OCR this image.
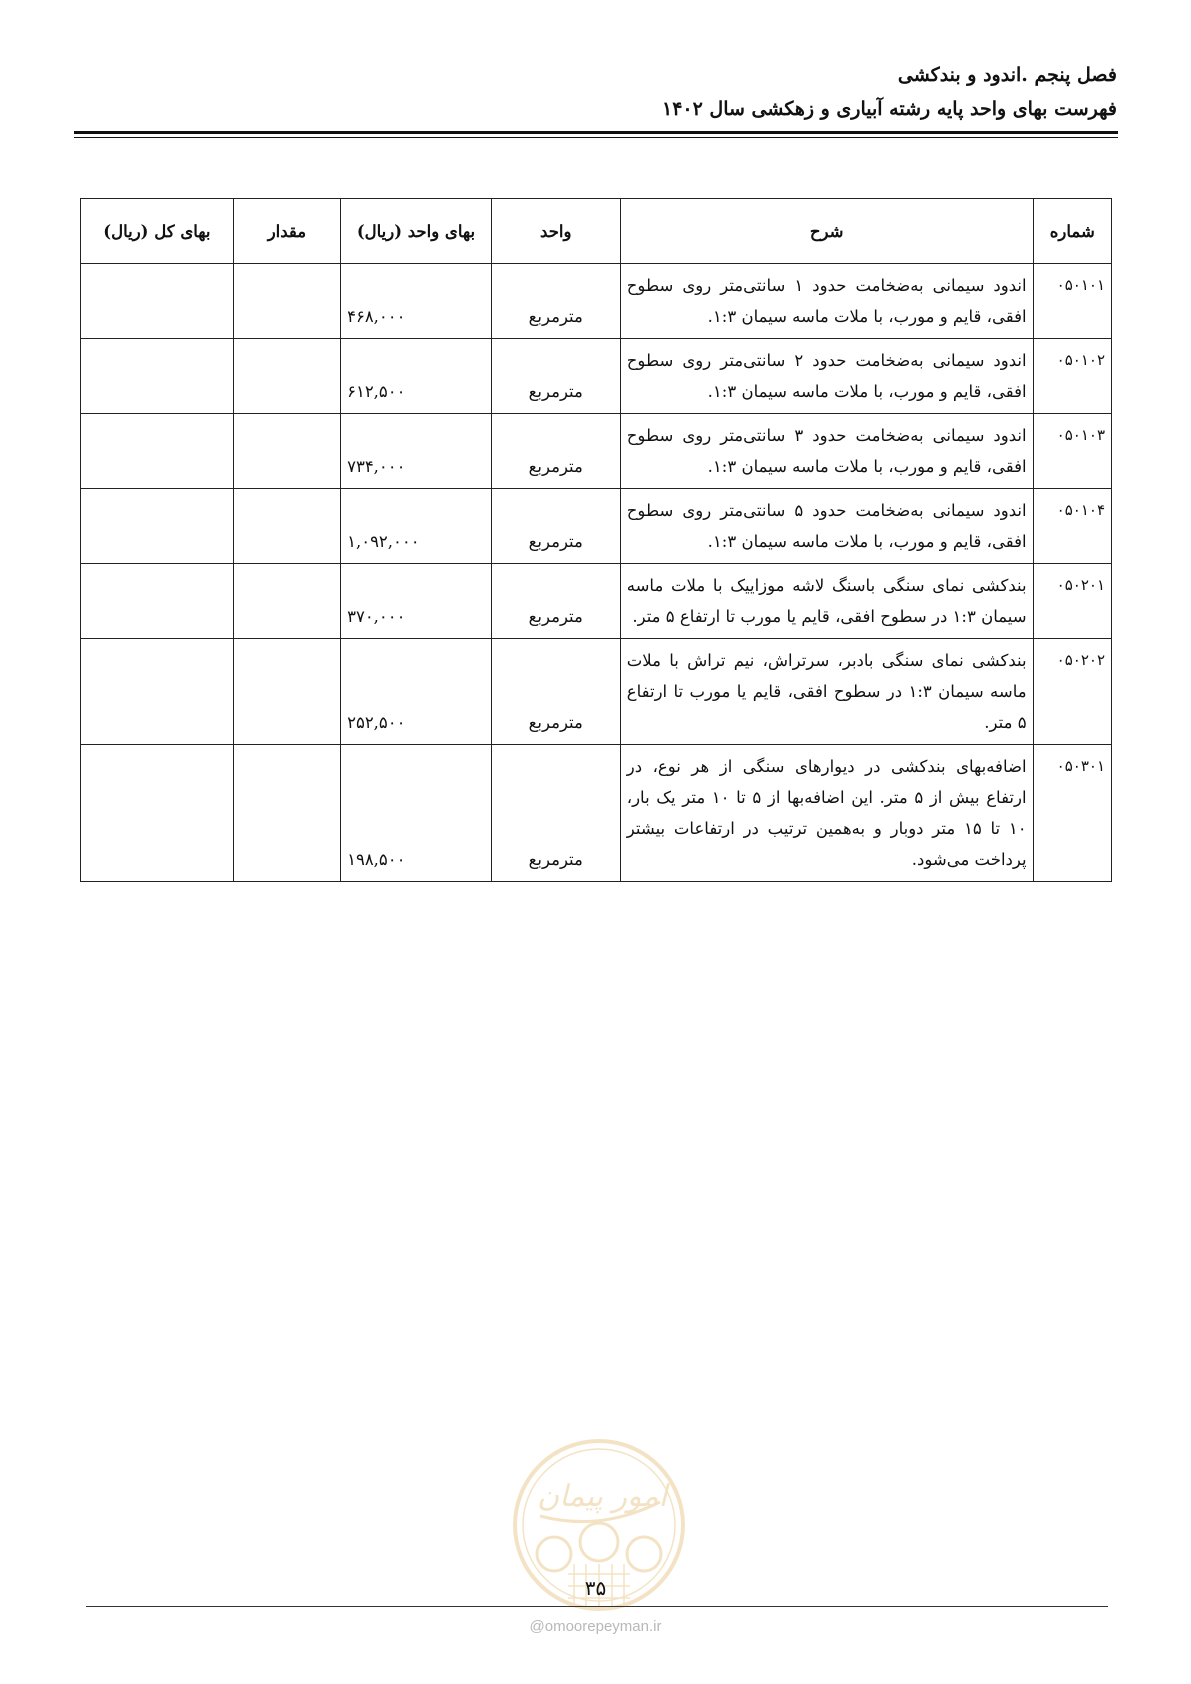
فصل پنجم .اندود و بندکشی
فهرست بهای واحد پایه رشته آبیاری و زهکشی سال ۱۴۰۲
شماره	شرح	واحد	بهای واحد (ریال)	مقدار	بهای کل (ریال)
۰۵۰۱۰۱	اندود سیمانی به‌ضخامت حدود ۱ سانتی‌متر روی سطوح افقی، قایم و مورب، با ملات ماسه سیمان ۱:۳.	مترمربع	۴۶۸,۰۰۰		
۰۵۰۱۰۲	اندود سیمانی به‌ضخامت حدود ۲ سانتی‌متر روی سطوح افقی، قایم و مورب، با ملات ماسه سیمان ۱:۳.	مترمربع	۶۱۲,۵۰۰		
۰۵۰۱۰۳	اندود سیمانی به‌ضخامت حدود ۳ سانتی‌متر روی سطوح افقی، قایم و مورب، با ملات ماسه سیمان ۱:۳.	مترمربع	۷۳۴,۰۰۰		
۰۵۰۱۰۴	اندود سیمانی به‌ضخامت حدود ۵ سانتی‌متر روی سطوح افقی، قایم و مورب، با ملات ماسه سیمان ۱:۳.	مترمربع	۱,۰۹۲,۰۰۰		
۰۵۰۲۰۱	بندکشی نمای سنگی باسنگ لاشه موزاییک با ملات ماسه سیمان ۱:۳ در سطوح افقی، قایم یا مورب تا ارتفاع ۵ متر.	مترمربع	۳۷۰,۰۰۰		
۰۵۰۲۰۲	بندکشی نمای سنگی بادبر، سرتراش، نیم تراش با ملات ماسه سیمان ۱:۳ در سطوح افقی، قایم یا مورب تا ارتفاع ۵ متر.	مترمربع	۲۵۲,۵۰۰		
۰۵۰۳۰۱	اضافه‌بهای بندکشی در دیوارهای سنگی از هر نوع، در ارتفاع بیش از ۵ متر. این اضافه‌بها از ۵ تا ۱۰ متر یک بار، ۱۰ تا ۱۵ متر دوبار و به‌همین ترتیب در ارتفاعات بیشتر پرداخت می‌شود.	مترمربع	۱۹۸,۵۰۰		
امور پیمان
۳۵
@omoorepeyman.ir
